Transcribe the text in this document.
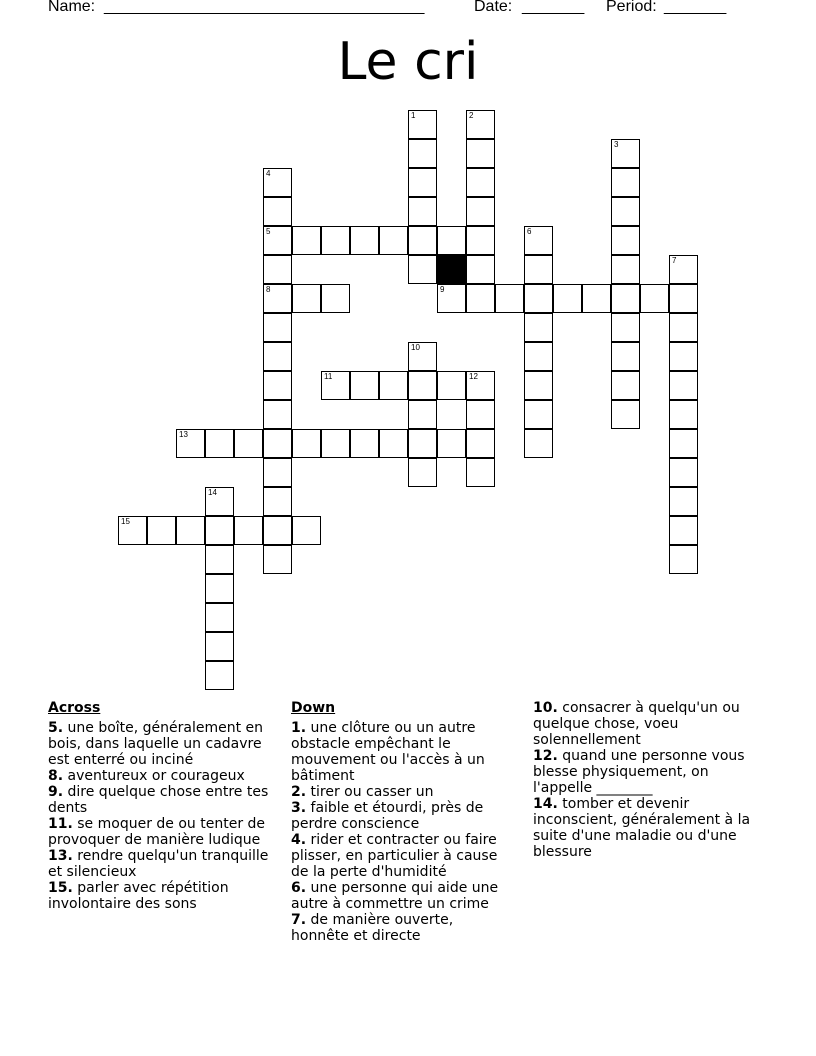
Name: ____________________________________	Date: _______ Period: _______
Le cri
1	2
3
4
5
8
6
7
9
10
11	12
13
14
15
Across
5. une boîte, généralement en bois, dans laquelle un cadavre est enterré ou inciné
8. aventureux or courageux
9. dire quelque chose entre tes dents
11. se moquer de ou tenter de provoquer de manière ludique
13. rendre quelqu'un tranquille et silencieux
15. parler avec répétition involontaire des sons
Down
1. une clôture ou un autre obstacle empêchant le mouvement ou l'accès à un bâtiment
2. tirer ou casser un
3. faible et étourdi, près de perdre conscience
4. rider et contracter ou faire plisser, en particulier à cause de la perte d'humidité
6. une personne qui aide une autre à commettre un crime
7. de manière ouverte, honnête et directe
10. consacrer à quelqu'un ou quelque chose, voeu solennellement
12. quand une personne vous blesse physiquement, on l'appelle ________
14. tomber et devenir inconscient, généralement à la suite d'une maladie ou d'une blessure
